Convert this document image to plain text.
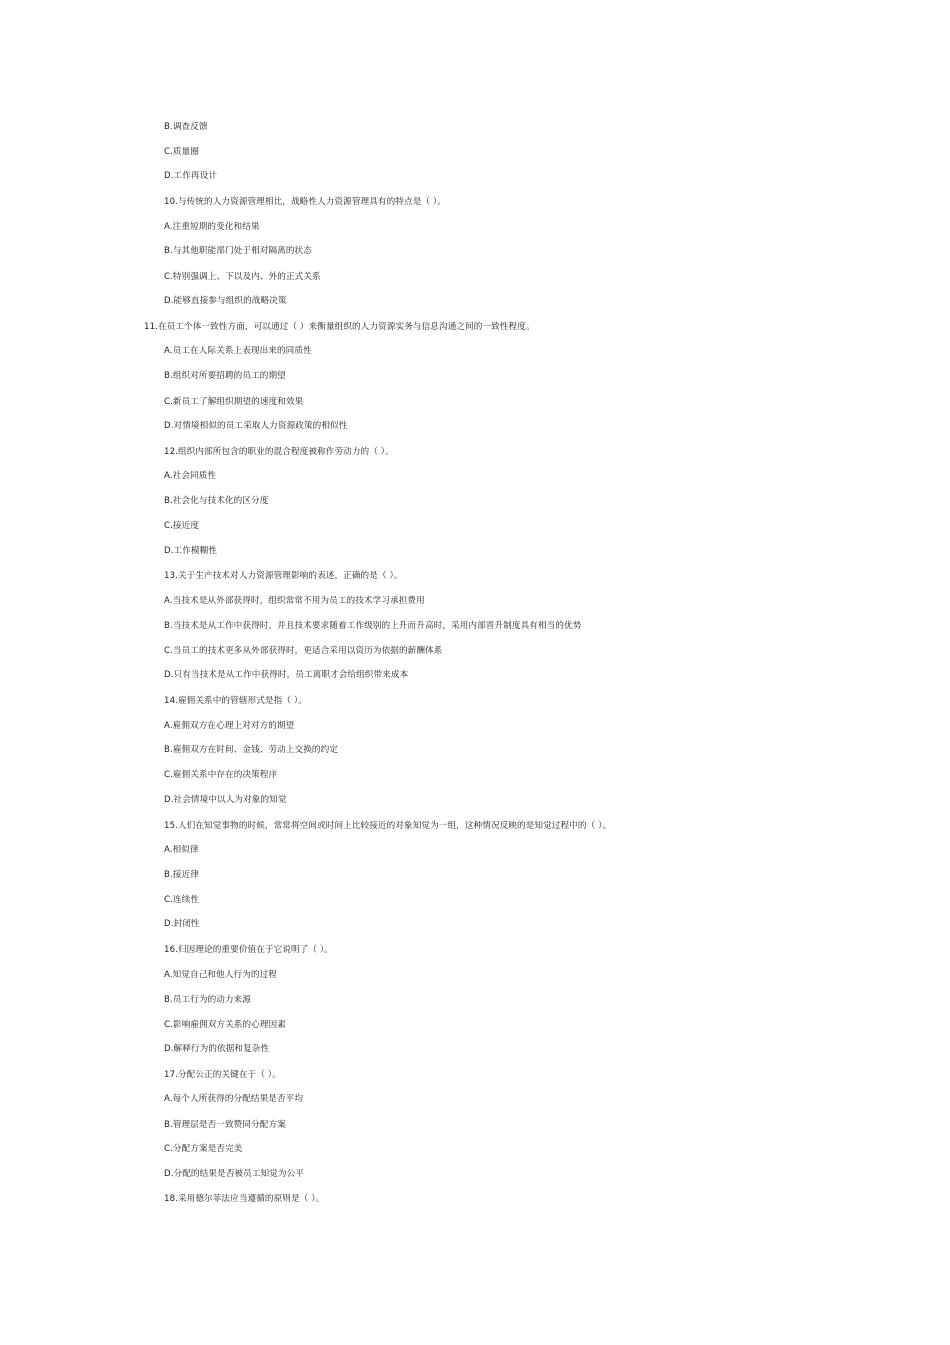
B.调查反馈
C.质量圈
D.工作再设计
10.与传统的人力资源管理相比，战略性人力资源管理具有的特点是（ ）。
A.注重短期的变化和结果
B.与其他职能部门处于相对隔离的状态
C.特别强调上、下以及内、外的正式关系
D.能够直接参与组织的战略决策
11.在员工个体一致性方面，可以通过（ ）来衡量组织的人力资源实务与信息沟通之间的一致性程度。
A.员工在人际关系上表现出来的同质性
B.组织对所要招聘的员工的期望
C.新员工了解组织期望的速度和效果
D.对情境相似的员工采取人力资源政策的相似性
12.组织内部所包含的职业的混合程度被称作劳动力的（ ）。
A.社会同质性
B.社会化与技术化的区分度
C.接近度
D.工作模糊性
13.关于生产技术对人力资源管理影响的表述，正确的是（ ）。
A.当技术是从外部获得时，组织常常不用为员工的技术学习承担费用
B.当技术是从工作中获得时，并且技术要求随着工作级别的上升而升高时，采用内部晋升制度具有相当的优势
C.当员工的技术更多从外部获得时，更适合采用以资历为依据的薪酬体系
D.只有当技术是从工作中获得时，员工离职才会给组织带来成本
14.雇佣关系中的管辖形式是指（ ）。
A.雇佣双方在心理上对对方的期望
B.雇佣双方在时间、金钱、劳动上交换的约定
C.雇佣关系中存在的决策程序
D.社会情境中以人为对象的知觉
15.人们在知觉事物的时候，常常将空间或时间上比较接近的对象知觉为一组，这种情况反映的是知觉过程中的（ ）。
A.相似律
B.接近律
C.连续性
D.封闭性
16.归因理论的重要价值在于它说明了（ ）。
A.知觉自己和他人行为的过程
B.员工行为的动力来源
C.影响雇佣双方关系的心理因素
D.解释行为的依据和复杂性
17.分配公正的关键在于（ ）。
A.每个人所获得的分配结果是否平均
B.管理层是否一致赞同分配方案
C.分配方案是否完美
D.分配的结果是否被员工知觉为公平
18.采用德尔菲法应当遵循的原则是（ ）。
